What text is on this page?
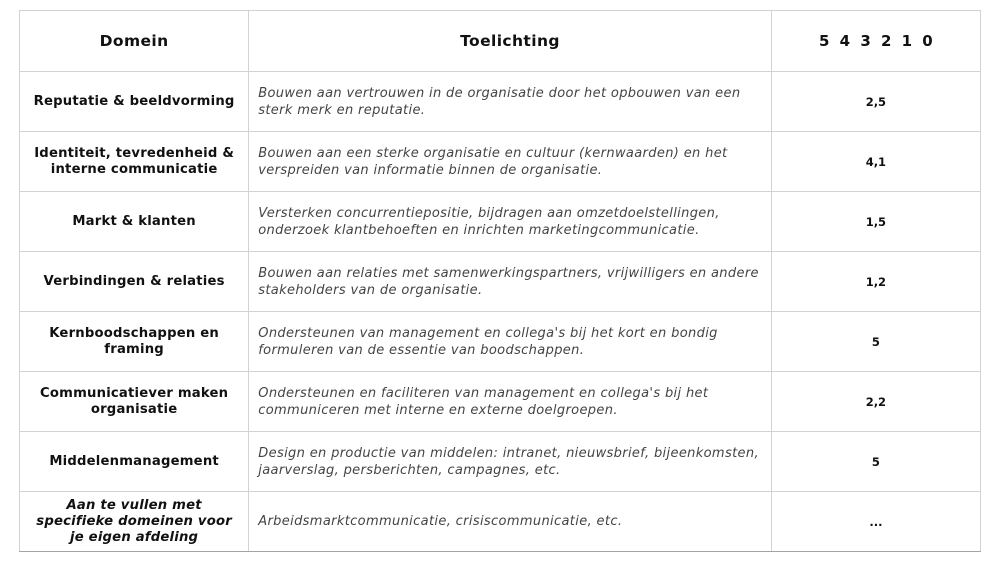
Domein	Toelichting	5 4 3 2 1 0
Reputatie & beeldvorming	Bouwen aan vertrouwen in de organisatie door het opbouwen van een sterk merk en reputatie.	2,5
Identiteit, tevredenheid & interne communicatie	Bouwen aan een sterke organisatie en cultuur (kernwaarden) en het verspreiden van informatie binnen de organisatie.	4,1
Markt & klanten	Versterken concurrentiepositie, bijdragen aan omzetdoelstellingen, onderzoek klantbehoeften en inrichten marketingcommunicatie.	1,5
Verbindingen & relaties	Bouwen aan relaties met samenwerkingspartners, vrijwilligers en andere stakeholders van de organisatie.	1,2
Kernboodschappen en framing	Ondersteunen van management en collega's bij het kort en bondig formuleren van de essentie van boodschappen.	5
Communicatiever maken organisatie	Ondersteunen en faciliteren van management en collega's bij het communiceren met interne en externe doelgroepen.	2,2
Middelenmanagement	Design en productie van middelen: intranet, nieuwsbrief, bijeenkomsten, jaarverslag, persberichten, campagnes, etc.	5
Aan te vullen met specifieke domeinen voor je eigen afdeling	Arbeidsmarktcommunicatie, crisiscommunicatie, etc.	...
